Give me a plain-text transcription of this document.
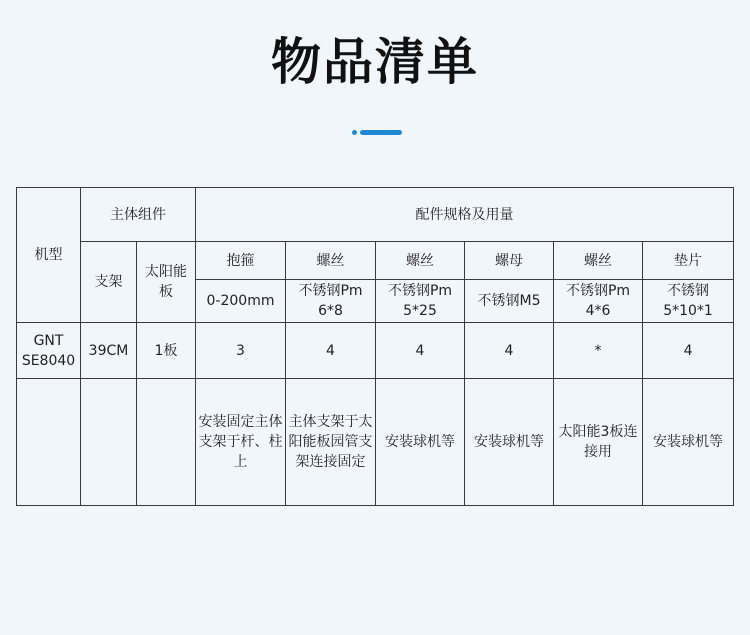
物品清单
机型	主体组件		配件规格及用量					
	支架	太阳能板	抱箍	螺丝	螺丝	螺母	螺丝	垫片
			0-200mm	不锈钢Pm 6*8	不锈钢Pm 5*25	不锈钢M5	不锈钢Pm 4*6	不锈钢 5*10*1
GNT SE8040	39CM	1板	3	4	4	4	*	4
			安装固定主体支架于杆、柱上	主体支架于太阳能板园管支架连接固定	安装球机等	安装球机等	太阳能3板连接用	安装球机等
